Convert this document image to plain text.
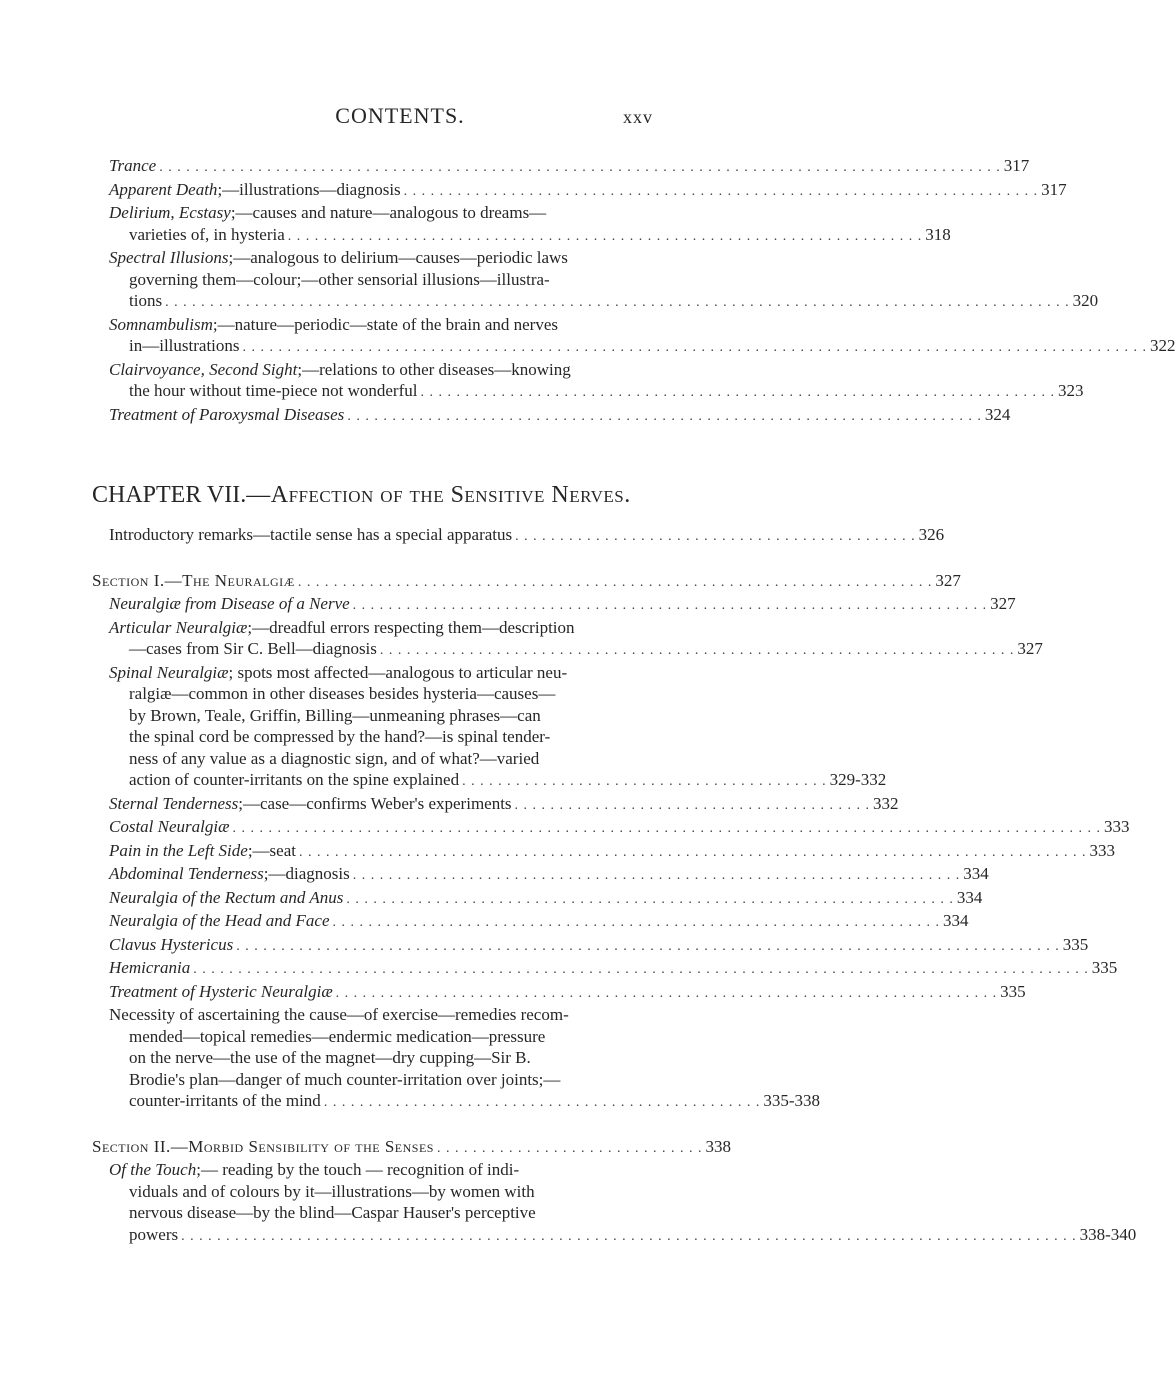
CONTENTS.	xxv
Trance . . . . . . . . . . . . . . . . . . . . . . . . . . . . . . . . . . . . . . . . . . . . . . . . . . . . . . . . . . . . . . . . . . . . . . . . . . . . . . . . . . . . . . . . . . . . . . 317
Apparent Death;—illustrations—diagnosis . . . . . . . . . . . . . . . . . . . . . . . . . . . . . . . . . . . . . . . . . . . . . . . . . . . . . . . . . . . . . . . . . . . . . . . 317
Delirium, Ecstasy;—causes and nature—analogous to dreams—
varieties of, in hysteria . . . . . . . . . . . . . . . . . . . . . . . . . . . . . . . . . . . . . . . . . . . . . . . . . . . . . . . . . . . . . . . . . . . . . . . 318
Spectral Illusions;—analogous to delirium—causes—periodic laws
governing them—colour;—other sensorial illusions—illustra-
tions . . . . . . . . . . . . . . . . . . . . . . . . . . . . . . . . . . . . . . . . . . . . . . . . . . . . . . . . . . . . . . . . . . . . . . . . . . . . . . . . . . . . . . . . . . . . . . . . . . . . . 320
Somnambulism;—nature—periodic—state of the brain and nerves
in—illustrations . . . . . . . . . . . . . . . . . . . . . . . . . . . . . . . . . . . . . . . . . . . . . . . . . . . . . . . . . . . . . . . . . . . . . . . . . . . . . . . . . . . . . . . . . . . . . . . . . . . . . 322
Clairvoyance, Second Sight;—relations to other diseases—knowing
the hour without time-piece not wonderful . . . . . . . . . . . . . . . . . . . . . . . . . . . . . . . . . . . . . . . . . . . . . . . . . . . . . . . . . . . . . . . . . . . . . . . 323
Treatment of Paroxysmal Diseases . . . . . . . . . . . . . . . . . . . . . . . . . . . . . . . . . . . . . . . . . . . . . . . . . . . . . . . . . . . . . . . . . . . . . . . 324
CHAPTER VII.—Affection of the Sensitive Nerves.
Introductory remarks—tactile sense has a special apparatus . . . . . . . . . . . . . . . . . . . . . . . . . . . . . . . . . . . . . . . . . . . . . 326
Section I.—The Neuralgiæ . . . . . . . . . . . . . . . . . . . . . . . . . . . . . . . . . . . . . . . . . . . . . . . . . . . . . . . . . . . . . . . . . . . . . . . 327
Neuralgiæ from Disease of a Nerve . . . . . . . . . . . . . . . . . . . . . . . . . . . . . . . . . . . . . . . . . . . . . . . . . . . . . . . . . . . . . . . . . . . . . . . 327
Articular Neuralgiæ;—dreadful errors respecting them—description
—cases from Sir C. Bell—diagnosis . . . . . . . . . . . . . . . . . . . . . . . . . . . . . . . . . . . . . . . . . . . . . . . . . . . . . . . . . . . . . . . . . . . . . . . 327
Spinal Neuralgiæ; spots most affected—analogous to articular neu-
ralgiæ—common in other diseases besides hysteria—causes—
by Brown, Teale, Griffin, Billing—unmeaning phrases—can
the spinal cord be compressed by the hand?—is spinal tender-
ness of any value as a diagnostic sign, and of what?—varied
action of counter-irritants on the spine explained . . . . . . . . . . . . . . . . . . . . . . . . . . . . . . . . . . . . . . . . . 329-332
Sternal Tenderness;—case—confirms Weber's experiments . . . . . . . . . . . . . . . . . . . . . . . . . . . . . . . . . . . . . . . . 332
Costal Neuralgiæ . . . . . . . . . . . . . . . . . . . . . . . . . . . . . . . . . . . . . . . . . . . . . . . . . . . . . . . . . . . . . . . . . . . . . . . . . . . . . . . . . . . . . . . . . . . . . . . . . 333
Pain in the Left Side;—seat . . . . . . . . . . . . . . . . . . . . . . . . . . . . . . . . . . . . . . . . . . . . . . . . . . . . . . . . . . . . . . . . . . . . . . . . . . . . . . . . . . . . . . . . 333
Abdominal Tenderness;—diagnosis . . . . . . . . . . . . . . . . . . . . . . . . . . . . . . . . . . . . . . . . . . . . . . . . . . . . . . . . . . . . . . . . . . . . 334
Neuralgia of the Rectum and Anus . . . . . . . . . . . . . . . . . . . . . . . . . . . . . . . . . . . . . . . . . . . . . . . . . . . . . . . . . . . . . . . . . . . . 334
Neuralgia of the Head and Face . . . . . . . . . . . . . . . . . . . . . . . . . . . . . . . . . . . . . . . . . . . . . . . . . . . . . . . . . . . . . . . . . . . . 334
Clavus Hystericus . . . . . . . . . . . . . . . . . . . . . . . . . . . . . . . . . . . . . . . . . . . . . . . . . . . . . . . . . . . . . . . . . . . . . . . . . . . . . . . . . . . . . . . . . . . . 335
Hemicrania . . . . . . . . . . . . . . . . . . . . . . . . . . . . . . . . . . . . . . . . . . . . . . . . . . . . . . . . . . . . . . . . . . . . . . . . . . . . . . . . . . . . . . . . . . . . . . . . . . . . 335
Treatment of Hysteric Neuralgiæ . . . . . . . . . . . . . . . . . . . . . . . . . . . . . . . . . . . . . . . . . . . . . . . . . . . . . . . . . . . . . . . . . . . . . . . . . . 335
Necessity of ascertaining the cause—of exercise—remedies recom-
mended—topical remedies—endermic medication—pressure
on the nerve—the use of the magnet—dry cupping—Sir B.
Brodie's plan—danger of much counter-irritation over joints;—
counter-irritants of the mind . . . . . . . . . . . . . . . . . . . . . . . . . . . . . . . . . . . . . . . . . . . . . . . . . 335-338
Section II.—Morbid Sensibility of the Senses . . . . . . . . . . . . . . . . . . . . . . . . . . . . . . 338
Of the Touch;— reading by the touch — recognition of indi-
viduals and of colours by it—illustrations—by women with
nervous disease—by the blind—Caspar Hauser's perceptive
powers . . . . . . . . . . . . . . . . . . . . . . . . . . . . . . . . . . . . . . . . . . . . . . . . . . . . . . . . . . . . . . . . . . . . . . . . . . . . . . . . . . . . . . . . . . . . . . . . . . . . 338-340
